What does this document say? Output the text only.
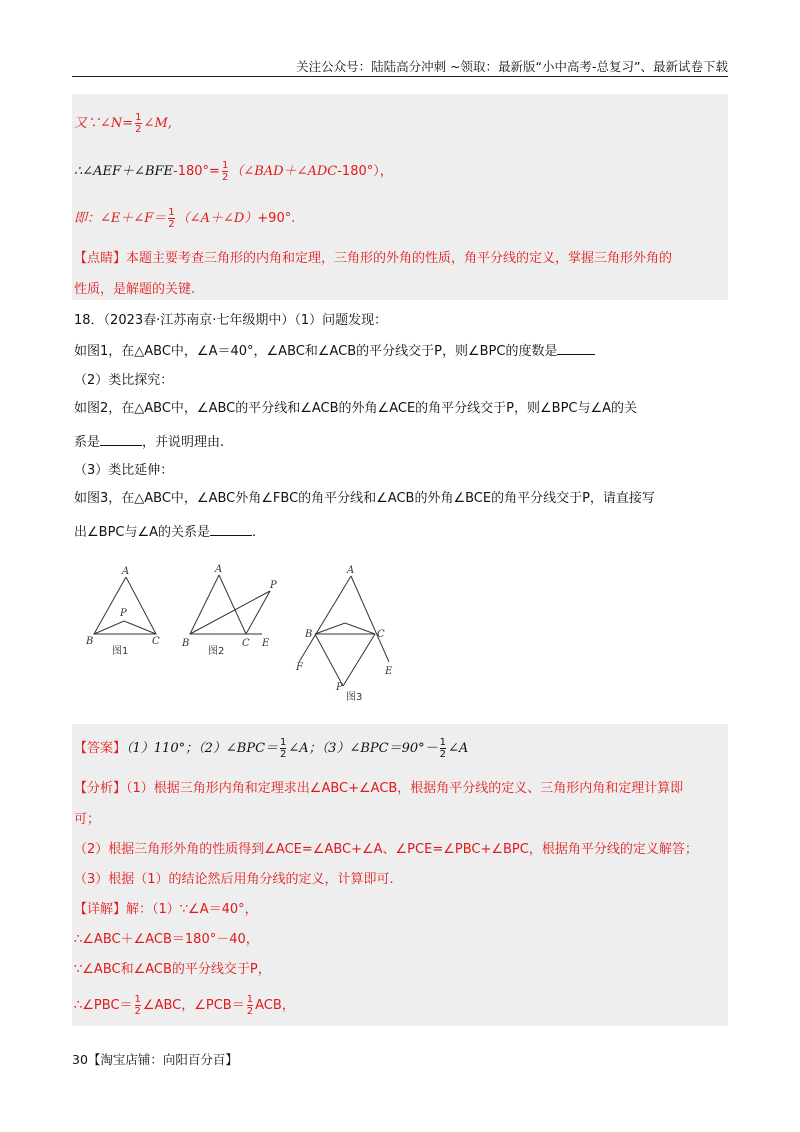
关注公众号：陆陆高分冲刺 ~领取：最新版“小中高考-总复习”、最新试卷下载
又∵∠N= $\frac{1}{2}$ ∠M,
∴∠AEF＋∠BFE-180°= $\frac{1}{2}$ （∠BAD＋∠ADC-180°），
即：∠E＋∠F＝ $\frac{1}{2}$ （∠A＋∠D）+90°.
【点睛】本题主要考查三角形的内角和定理，三角形的外角的性质，角平分线的定义，掌握三角形外角的
性质，是解题的关键.
18．（2023春·江苏南京·七年级期中）（1）问题发现：
如图1，在△ABC中，∠A＝40°，∠ABC和∠ACB的平分线交于P，则∠BPC的度数是
（2）类比探究：
如图2，在△ABC中，∠ABC的平分线和∠ACB的外角∠ACE的角平分线交于P，则∠BPC与∠A的关
系是	，并说明理由.
（3）类比延伸：
如图3，在△ABC中，∠ABC外角∠FBC的角平分线和∠ACB的外角∠BCE的角平分线交于P，请直接写
出∠BPC与∠A的关系是	.
A
B	C
P
图1
A
B	C E
P
图2
A
B	C
F	E
P
图3
【答案】（1）110°；（2）∠BPC＝ $\frac{1}{2}$ ∠A；（3）∠BPC＝90°－ $\frac{1}{2}$ ∠A
【分析】（1）根据三角形内角和定理求出∠ABC+∠ACB，根据角平分线的定义、三角形内角和定理计算即
可；
（2）根据三角形外角的性质得到∠ACE=∠ABC+∠A、∠PCE=∠PBC+∠BPC，根据角平分线的定义解答；
（3）根据（1）的结论然后用角分线的定义，计算即可.
【详解】解：（1）∵∠A＝40°，
∴∠ABC＋∠ACB＝180°－40，
∵∠ABC和∠ACB的平分线交于P，
∴∠PBC＝ $\frac{1}{2}$ ∠ABC，∠PCB＝ $\frac{1}{2}$ ACB，
30【淘宝店铺：向阳百分百】
